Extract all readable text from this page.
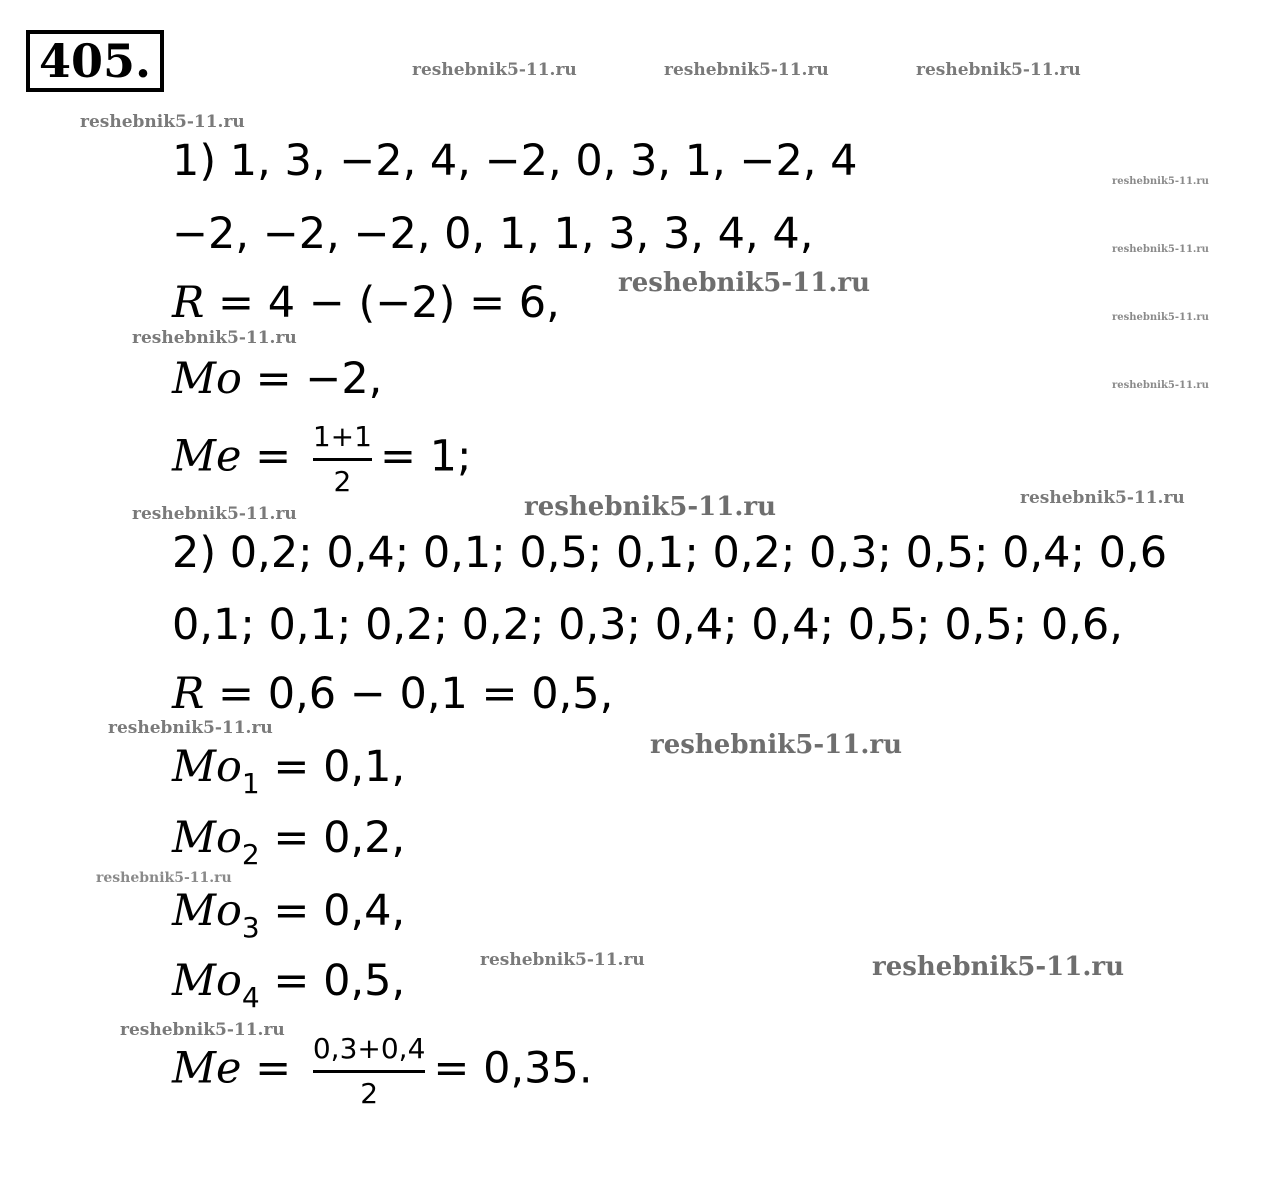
405.
1) 1, 3, −2, 4, −2, 0, 3, 1, −2, 4
−2, −2, −2, 0, 1, 1, 3, 3, 4, 4,
R = 4 − (−2) = 6,
Mo = −2,
$Me = \frac{1+1}{2} = 1$;
2) 0,2; 0,4; 0,1; 0,5; 0,1; 0,2; 0,3; 0,5; 0,4; 0,6
0,1; 0,1; 0,2; 0,2; 0,3; 0,4; 0,4; 0,5; 0,5; 0,6,
R = 0,6 − 0,1 = 0,5,
$Mo_1 = 0,1$,
$Mo_2 = 0,2$,
$Mo_3 = 0,4$,
$Mo_4 = 0,5$,
$Me = \frac{0,3+0,4}{2} = 0,35$.
reshebnik5-11.ru	reshebnik5-11.ru	reshebnik5-11.ru
reshebnik5-11.ru
reshebnik5-11.ru
reshebnik5-11.ru
reshebnik5-11.ru
reshebnik5-11.ru
reshebnik5-11.ru
reshebnik5-11.ru
reshebnik5-11.ru
reshebnik5-11.ru
reshebnik5-11.ru
reshebnik5-11.ru
reshebnik5-11.ru
reshebnik5-11.ru
reshebnik5-11.ru	reshebnik5-11.ru
reshebnik5-11.ru
